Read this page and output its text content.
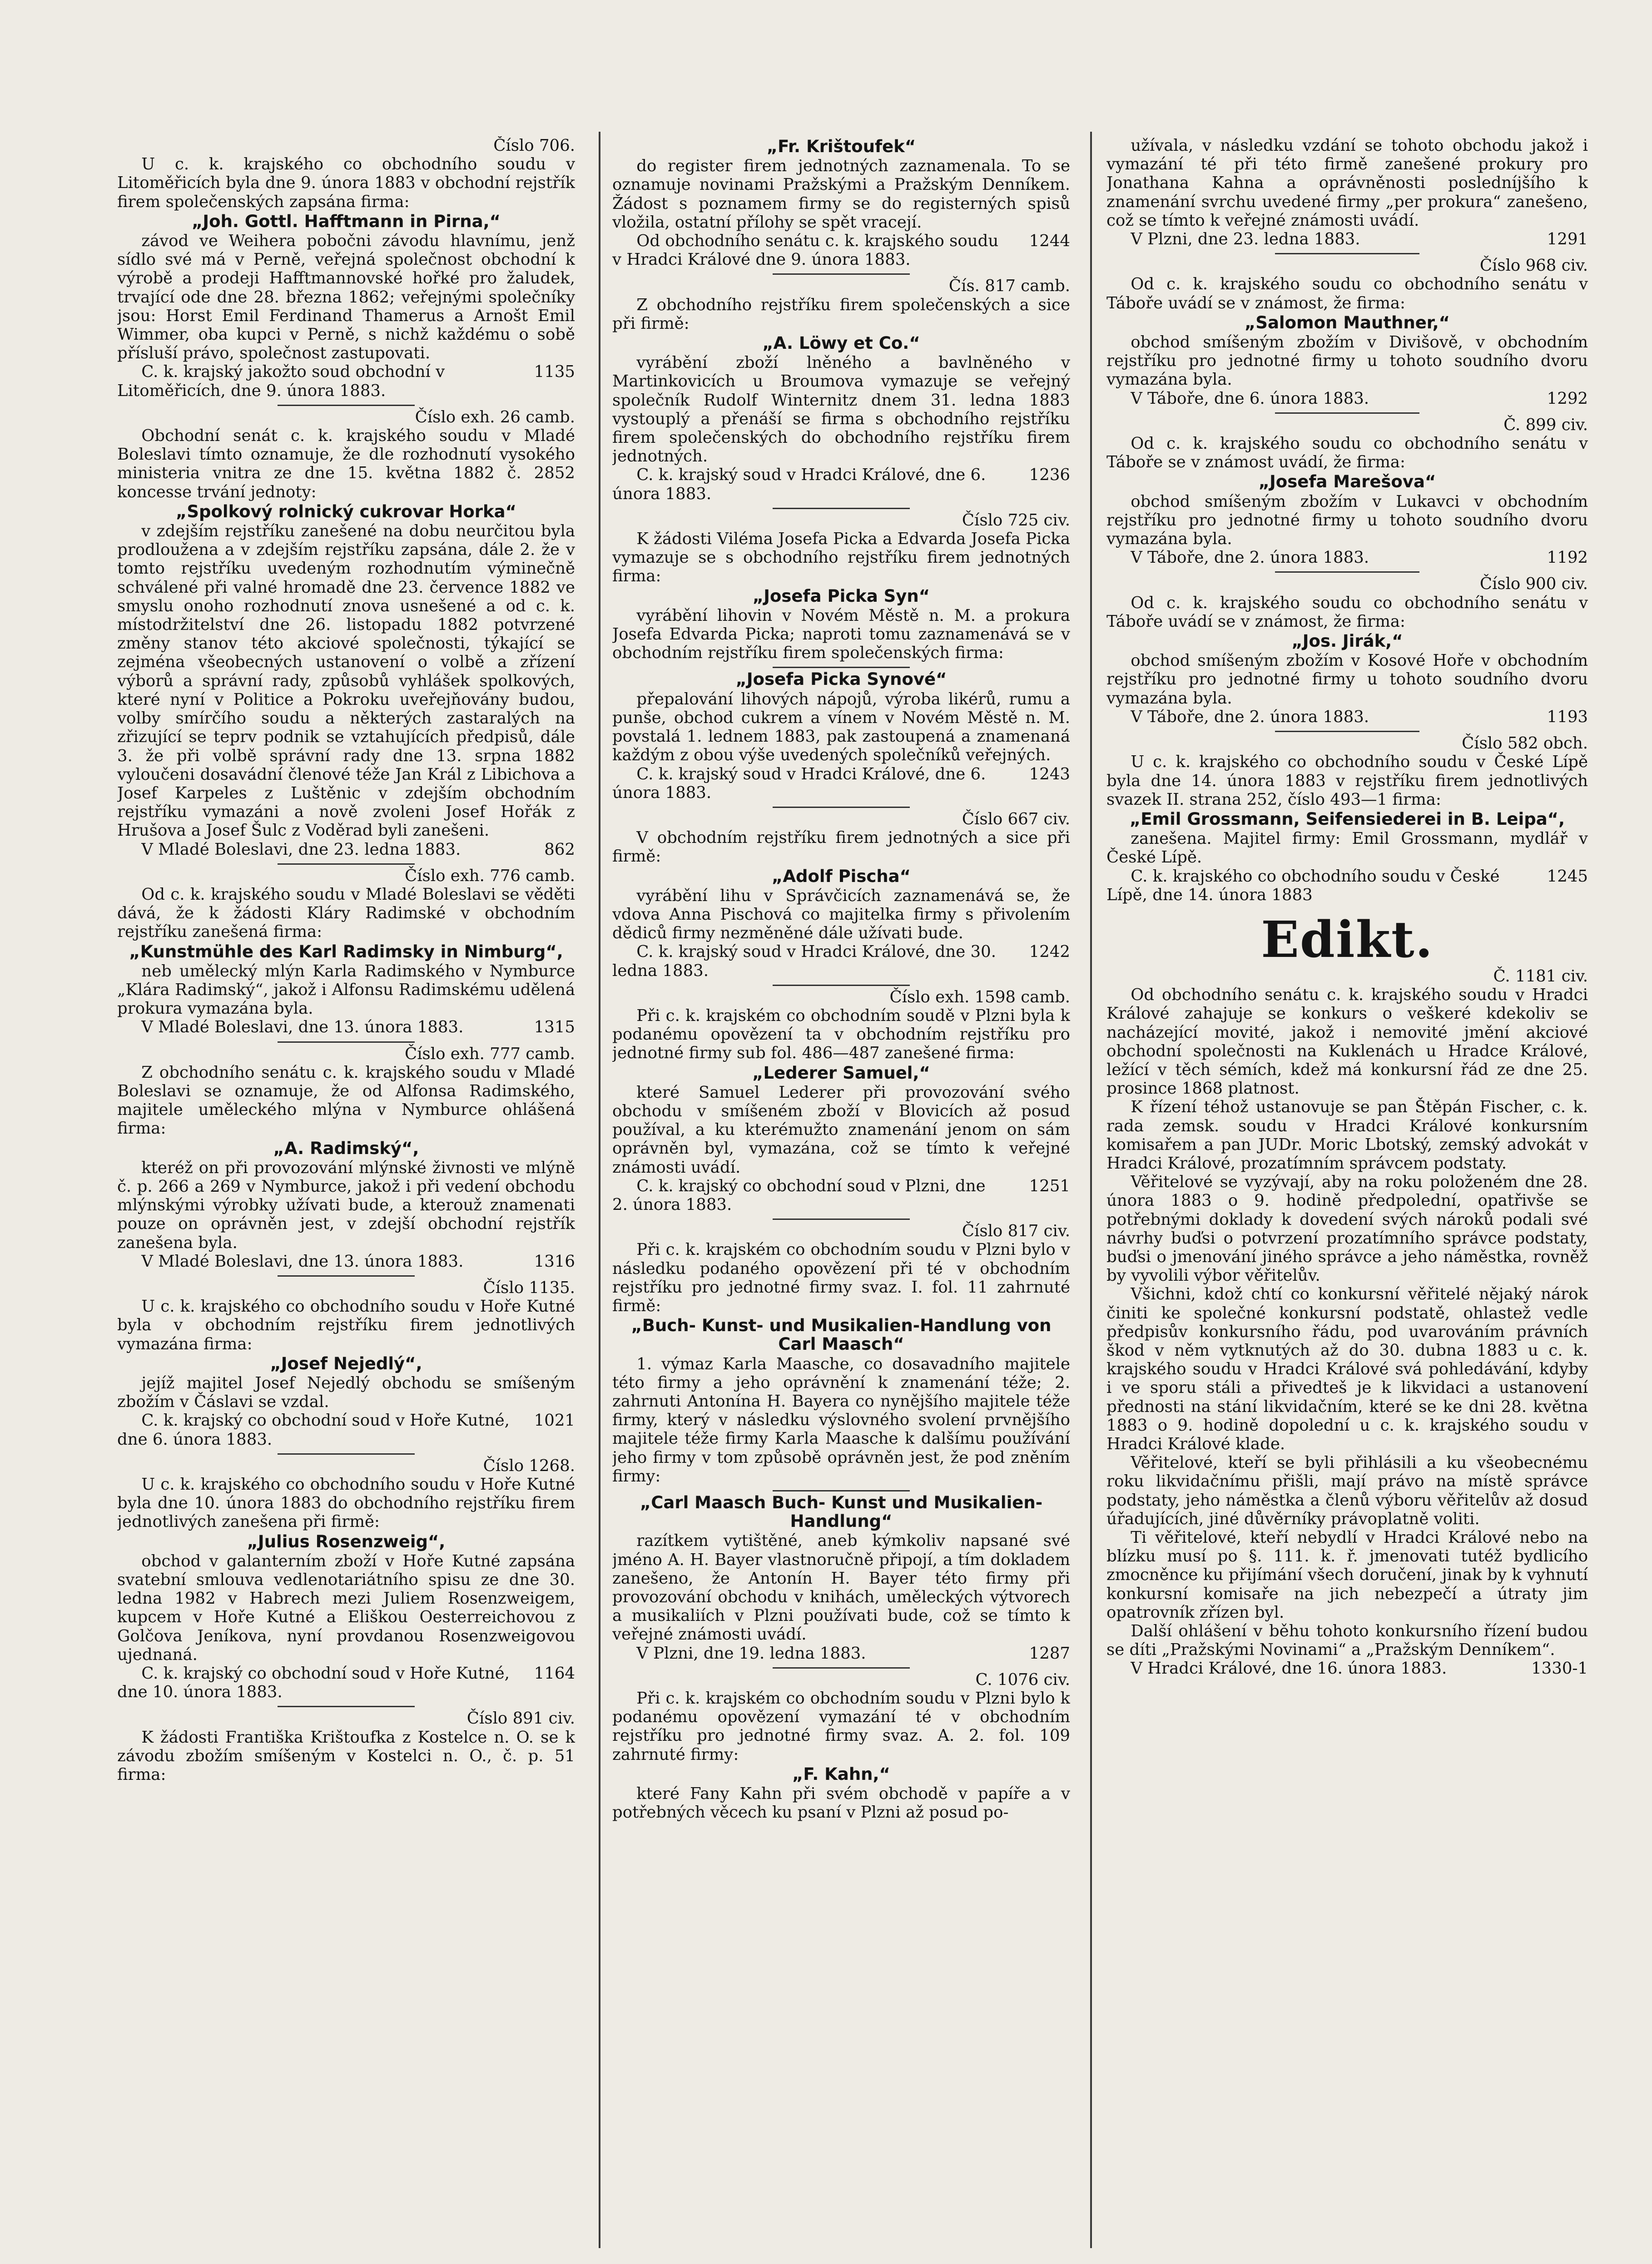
Číslo 706.

U c. k. krajského co obchodního soudu v Litoměřicích byla dne 9. února 1883 v obchodní rejstřík firem společenských zapsána firma:

„Joh. Gottl. Hafftmann in Pirna,“

závod ve Weihera pobočni závodu hlavnímu, jenž sídlo své má v Perně, veřejná společnost obchodní k výrobě a prodeji Hafftmannovské hořké pro žaludek, trvající ode dne 28. března 1862; veřejnými společníky jsou: Horst Emil Ferdinand Thamerus a Arnošt Emil Wimmer, oba kupci v Perně, s nichž každému o sobě přísluší právo, společnost zastupovati.

C. k. krajský jakožto soud obchodní v Litoměřicích, dne 9. února 1883.
1135

Číslo exh. 26 camb.

Obchodní senát c. k. krajského soudu v Mladé Boleslavi tímto oznamuje, že dle rozhodnutí vysokého ministeria vnitra ze dne 15. května 1882 č. 2852 koncesse trvání jednoty:

„Spolkový rolnický cukrovar Horka“

v zdejším rejstříku zanešené na dobu neurčitou byla prodloužena a v zdejším rejstříku zapsána, dále 2. že v tomto rejstříku uvedeným rozhodnutím výminečně schválené při valné hromadě dne 23. července 1882 ve smyslu onoho rozhodnutí znova usnešené a od c. k. místodržitelství dne 26. listopadu 1882 potvrzené změny stanov této akciové společnosti, týkající se zejména všeobecných ustanovení o volbě a zřízení výborů a správní rady, způsobů vyhlášek spolkových, které nyní v Politice a Pokroku uveřejňovány budou, volby smírčího soudu a některých zastaralých na zřizující se teprv podnik se vztahujících předpisů, dále 3. že při volbě správní rady dne 13. srpna 1882 vyloučeni dosavádní členové téže Jan Král z Libichova a Josef Karpeles z Luštěnic v zdejším obchodním rejstříku vymazáni a nově zvoleni Josef Hořák z Hrušova a Josef Šulc z Voděrad byli zanešeni.

V Mladé Boleslavi, dne 23. ledna 1883.	862

Číslo exh. 776 camb.

Od c. k. krajského soudu v Mladé Boleslavi se věděti dává, že k žádosti Kláry Radimské v obchodním rejstříku zanešená firma:

„Kunstmühle des Karl Radimsky in Nimburg“,

neb umělecký mlýn Karla Radimského v Nymburce „Klára Radimský“, jakož i Alfonsu Radimskému udělená prokura vymazána byla.

V Mladé Boleslavi, dne 13. února 1883.	1315

Číslo exh. 777 camb.

Z obchodního senátu c. k. krajského soudu v Mladé Boleslavi se oznamuje, že od Alfonsa Radimského, majitele uměleckého mlýna v Nymburce ohlášená firma:

„A. Radimský“,

kteréž on při provozování mlýnské živnosti ve mlýně č. p. 266 a 269 v Nymburce, jakož i při vedení obchodu mlýnskými výrobky užívati bude, a kterouž znamenati pouze on oprávněn jest, v zdejší obchodní rejstřík zanešena byla.

V Mladé Boleslavi, dne 13. února 1883.	1316

Číslo 1135.

U c. k. krajského co obchodního soudu v Hoře Kutné byla v obchodním rejstříku firem jednotlivých vymazána firma:

„Josef Nejedlý“,

jejíž majitel Josef Nejedlý obchodu se smíšeným zbožím v Čáslavi se vzdal.

C. k. krajský co obchodní soud v Hoře Kutné, dne 6. února 1883.
1021

Číslo 1268.

U c. k. krajského co obchodního soudu v Hoře Kutné byla dne 10. února 1883 do obchodního rejstříku firem jednotlivých zanešena při firmě:

„Julius Rosenzweig“,

obchod v galanterním zboží v Hoře Kutné zapsána svatební smlouva vedlenotariátního spisu ze dne 30. ledna 1982 v Habrech mezi Juliem Rosenzweigem, kupcem v Hoře Kutné a Eliškou Oesterreichovou z Golčova Jeníkova, nyní provdanou Rosenzweigovou ujednaná.

C. k. krajský co obchodní soud v Hoře Kutné, dne 10. února 1883.
1164

Číslo 891 civ.

K žádosti Františka Krištoufka z Kostelce n. O. se k závodu zbožím smíšeným v Kostelci n. O., č. p. 51 firma:

„Fr. Krištoufek“

do register firem jednotných zaznamenala. To se oznamuje novinami Pražskými a Pražským Denníkem. Žádost s poznamem firmy se do registerných spisů vložila, ostatní přílohy se spět vracejí.

Od obchodního senátu c. k. krajského soudu v Hradci Králové dne 9. února 1883.
1244

Čís. 817 camb.

Z obchodního rejstříku firem společenských a sice při firmě:

„A. Löwy et Co.“

vyrábění zboží lněného a bavlněného v Martinkovicích u Broumova vymazuje se veřejný společník Rudolf Winternitz dnem 31. ledna 1883 vystouplý a přenáší se firma s obchodního rejstříku firem společenských do obchodního rejstříku firem jednotných.

C. k. krajský soud v Hradci Králové, dne 6. února 1883.
1236

Číslo 725 civ.

K žádosti Viléma Josefa Picka a Edvarda Josefa Picka vymazuje se s obchodního rejstříku firem jednotných firma:

„Josefa Picka Syn“

vyrábění lihovin v Novém Městě n. M. a prokura Josefa Edvarda Picka; naproti tomu zaznamenává se v obchodním rejstříku firem společenských firma:

„Josefa Picka Synové“

přepalování lihových nápojů, výroba likérů, rumu a punše, obchod cukrem a vínem v Novém Městě n. M. povstalá 1. lednem 1883, pak zastoupená a znamenaná každým z obou výše uvedených společníků veřejných.

C. k. krajský soud v Hradci Králové, dne 6. února 1883.
1243

Číslo 667 civ.

V obchodním rejstříku firem jednotných a sice při firmě:

„Adolf Pischa“

vyrábění lihu v Správčicích zaznamenává se, že vdova Anna Pischová co majitelka firmy s přivolením dědiců firmy nezměněné dále užívati bude.

C. k. krajský soud v Hradci Králové, dne 30. ledna 1883.
1242

Číslo exh. 1598 camb.

Při c. k. krajském co obchodním soudě v Plzni byla k podanému opovězení ta v obchodním rejstříku pro jednotné firmy sub fol. 486—487 zanešené firma:

„Lederer Samuel,“

které Samuel Lederer při provozování svého obchodu v smíšeném zboží v Blovicích až posud používal, a ku kterémužto znamenání jenom on sám oprávněn byl, vymazána, což se tímto k veřejné známosti uvádí.

C. k. krajský co obchodní soud v Plzni, dne 2. února 1883.
1251

Číslo 817 civ.

Při c. k. krajském co obchodním soudu v Plzni bylo v následku podaného opovězení při té v obchodním rejstříku pro jednotné firmy svaz. I. fol. 11 zahrnuté firmě:

„Buch- Kunst- und Musikalien-Handlung von Carl Maasch“

1. výmaz Karla Maasche, co dosavadního majitele této firmy a jeho oprávnění k znamenání téže; 2. zahrnuti Antonína H. Bayera co nynějšího majitele téže firmy, který v následku výslovného svolení prvnějšího majitele téže firmy Karla Maasche k dalšímu používání jeho firmy v tom způsobě oprávněn jest, že pod zněním firmy:

„Carl Maasch Buch- Kunst und Musikalien-Handlung“

razítkem vytištěné, aneb kýmkoliv napsané své jméno A. H. Bayer vlastnoručně připojí, a tím dokladem zanešeno, že Antonín H. Bayer této firmy při provozování obchodu v knihách, uměleckých výtvorech a musikaliích v Plzni používati bude, což se tímto k veřejné známosti uvádí.

V Plzni, dne 19. ledna 1883.	1287

C. 1076 civ.

Při c. k. krajském co obchodním soudu v Plzni bylo k podanému opovězení vymazání té v obchodním rejstříku pro jednotné firmy svaz. A. 2. fol. 109 zahrnuté firmy:

„F. Kahn,“

které Fany Kahn při svém obchodě v papíře a v potřebných věcech ku psaní v Plzni až posud po-

užívala, v následku vzdání se tohoto obchodu jakož i vymazání té při této firmě zanešené prokury pro Jonathana Kahna a oprávněnosti posledníjšího k znamenání svrchu uvedené firmy „per prokura“ zanešeno, což se tímto k veřejné známosti uvádí.

V Plzni, dne 23. ledna 1883.	1291

Číslo 968 civ.

Od c. k. krajského soudu co obchodního senátu v Táboře uvádí se v známost, že firma:

„Salomon Mauthner,“

obchod smíšeným zbožím v Divišově, v obchodním rejstříku pro jednotné firmy u tohoto soudního dvoru vymazána byla.

V Táboře, dne 6. února 1883.	1292

Č. 899 civ.

Od c. k. krajského soudu co obchodního senátu v Táboře se v známost uvádí, že firma:

„Josefa Marešova“

obchod smíšeným zbožím v Lukavci v obchodním rejstříku pro jednotné firmy u tohoto soudního dvoru vymazána byla.

V Táboře, dne 2. února 1883.	1192

Číslo 900 civ.

Od c. k. krajského soudu co obchodního senátu v Táboře uvádí se v známost, že firma:

„Jos. Jirák,“

obchod smíšeným zbožím v Kosové Hoře v obchodním rejstříku pro jednotné firmy u tohoto soudního dvoru vymazána byla.

V Táboře, dne 2. února 1883.	1193

Číslo 582 obch.

U c. k. krajského co obchodního soudu v České Lípě byla dne 14. února 1883 v rejstříku firem jednotlivých svazek II. strana 252, číslo 493—1 firma:

„Emil Grossmann, Seifensiederei in B. Leipa“,

zanešena. Majitel firmy: Emil Grossmann, mydlář v České Lípě.

C. k. krajského co obchodního soudu v České Lípě, dne 14. února 1883
1245

Edikt.

Č. 1181 civ.

Od obchodního senátu c. k. krajského soudu v Hradci Králové zahajuje se konkurs o veškeré kdekoliv se nacházející movité, jakož i nemovité jmění akciové obchodní společnosti na Kuklenách u Hradce Králové, ležící v těch sémích, kdež má konkursní řád ze dne 25. prosince 1868 platnost.

K řízení téhož ustanovuje se pan Štěpán Fischer, c. k. rada zemsk. soudu v Hradci Králové konkursním komisařem a pan JUDr. Moric Lbotský, zemský advokát v Hradci Králové, prozatímním správcem podstaty.

Věřitelové se vyzývají, aby na roku položeném dne 28. února 1883 o 9. hodině předpolední, opatřivše se potřebnými doklady k dovedení svých nároků podali své návrhy buďsi o potvrzení prozatímního správce podstaty, buďsi o jmenování jiného správce a jeho náměstka, rovněž by vyvolili výbor věřitelův.

Všichni, kdož chtí co konkursní věřitelé nějaký nárok činiti ke společné konkursní podstatě, ohlastež vedle předpisův konkursního řádu, pod uvarováním právních škod v něm vytknutých až do 30. dubna 1883 u c. k. krajského soudu v Hradci Králové svá pohledávání, kdyby i ve sporu stáli a přivedteš je k likvidaci a ustanovení přednosti na stání likvidačním, které se ke dni 28. května 1883 o 9. hodině dopolední u c. k. krajského soudu v Hradci Králové klade.

Věřitelové, kteří se byli přihlásili a ku všeobecnému roku likvidačnímu přišli, mají právo na místě správce podstaty, jeho náměstka a členů výboru věřitelův až dosud úřadujících, jiné důvěrníky právoplatně voliti.

Ti věřitelové, kteří nebydlí v Hradci Králové nebo na blízku musí po §. 111. k. ř. jmenovati tutéž bydlicího zmocněnce ku přijímání všech doručení, jinak by k vyhnutí konkursní komisaře na jich nebezpečí a útraty jim opatrovník zřízen byl.

Další ohlášení v běhu tohoto konkursního řízení budou se díti „Pražskými Novinami“ a „Pražským Denníkem“.

V Hradci Králové, dne 16. února 1883.	1330-1
